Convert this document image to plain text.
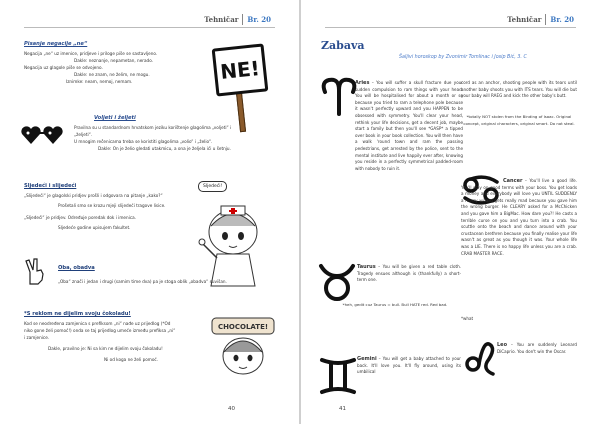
Tehničar Br. 20
Pisanje negacije „ne“
Negacija „ne“ uz imenice, pridjeve i priloge piše se sastavljeno.
Dakle: neznanje, nepametan, nerado.
Negacija uz glagole piše se odvojeno.
Dakle: ne znam, ne želim, ne mogu.
Iznimke: neam, nemoj, nemam.	NE!
Voljeti i željeti
Pravilna su u standardnom hrvatskom jeziku korištenje glagolima „voljeti“ i
„željeti“.
U mnogim rečenicama treba se koristiti glagolima „volio“ i „želio“.
Dakle: On je želio gledati utakmicu, a ona je željela ići u šetnju.
Sljedeći i slijedeći
„Slijedeći“ je glagolski pridjev prošli i odgovara na pitanje „kako?“
Prošetali smo se krozu mjeji slijedeći tragove lisice.
„Sljedeći“ je pridjev. Određuje poredak dok i imenica.
Sljedeće godine upisujem fakultet.
Sljedeći!
Oba, obadva
„Oba“ znači i jedan i drugi (samim time dva) pa je stoga oblik „obadva“ suvišan.
*S reklom ne dijelim svoju čokoladu!
Kod se neodređena zamjenica s prefiksom „ni“ nađe uz prijedlog (*Od
niko gone želi pomoć!) onda se taj prijedlog umeće između prefiksa „ni“
i zamjenice.
Dakle, pravilno je: Ni sa kim ne dijelim svoju čokoladu!
Ni od koga ne želi pomoć.
CHOCOLATE!
40
Tehničar Br. 20
Zabava
Šaljivi horoskop by Zvonimir Tomlinac i Josip Bić, 3. C
Aries – You will suffer a skull fracture due your sudden compulsion to ram things with your head. You will be hospitalised for about a month or so because you tried to ram a telephone pole because it wasn't perfectly upward and you HAPPEN to be obsessed with symmetry. You'll clear your head, rethink your life decisions, get a decent job, maybe start a family but then you'll see *GASP* a tipped over book in your book collection. You will then have a walk 'round town and ram the passing pedestrians, get arrested by the police, sent to the mental institute and live happily ever after, knowing you reside in a perfectly symmetrical padded-room with nobody to ruin it.
Taurus – You will be given a red table cloth. Tragedy ensues although is (thankfully) a short-term one.
*heh, gedit cuz Taurus = bull. Bull HATE red. Red bad.
Gemini – You will get a baby attached to your back. It'll love you. It'll fly around, using its umbilical
cord as an anchor, shooting people with its tears until another baby shoots you with ITS tears. You will die but your baby will RAEG and kick the other baby's butt.
*totally NOT stolen from the Binding of Isaac. Original concept, original characters, original smart. Do not steal.
Cancer – You'll live a good life. You'll stay on good terms with your boss. You get loads a money and everybody will love you UNTIL SUDDENLY a merry wizard gets really mad because you gave him the wrong burger. He CLEARY asked for a McChicken and you gave him a BigMac. How dare you?! He casts a terrible curse on you and you turn into a crab. You scuttle onto the beach and dance around with your crustacean brethren because you finally realise your life wasn't as great as you though it was. Your whole life was a LIE. There is no happy life unless you are a crab. CRAB MASTER RACE.
*what
Leo – You are suddenly Leonard DiCaprio. You don't win the Oscar.
41
